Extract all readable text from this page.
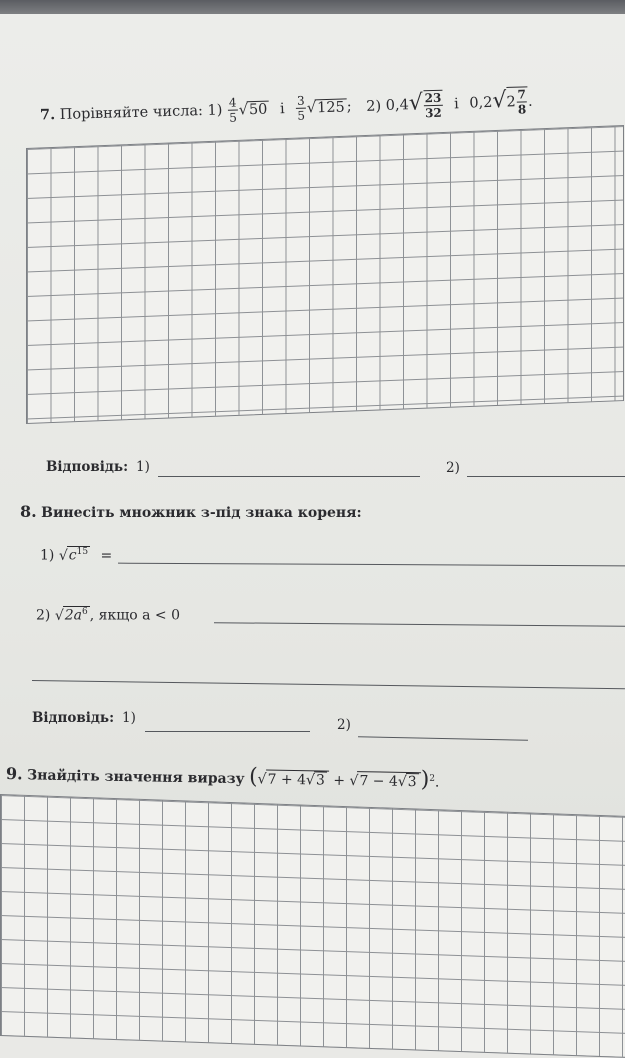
7. Порівняйте числа: $1) \frac{4}{5} √50$ і $\frac{3}{5} √125$ ; 2) $0,4√ \frac{23}{32}$ і $0,2√2 \frac{7}{8}$ .
Відповідь: 1)	2)
8. Винесіть множник з-під знака кореня:
1) $√c^{15}$ =
2) $√2a^6$ , якщо a < 0
Відповідь: 1)	2)
9. Знайдіть значення виразу (√7 + 4√3 + √7 − 4√3 )$^2$.
